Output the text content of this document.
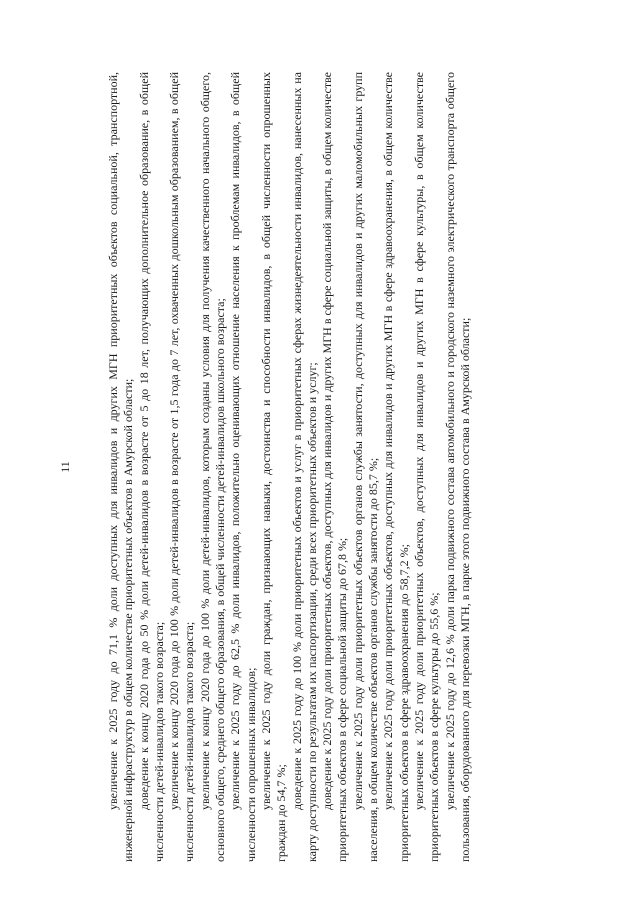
11	увеличение к 2025 году до 71,1 % доли доступных для инвалидов и других МГН приоритетных объектов социальной, транспортной, инженерной инфраструктур в общем количестве приоритетных объектов в Амурской области; доведение к концу 2020 года до 50 % доли детей-инвалидов в возрасте от 5 до 18 лет, получающих дополнительное образование, в общей численности детей-инвалидов такого возраста; увеличение к концу 2020 года до 100 % доли детей-инвалидов в возрасте от 1,5 года до 7 лет, охваченных дошкольным образованием, в общей численности детей-инвалидов такого возраста; увеличение к концу 2020 года до 100 % доли детей-инвалидов, которым созданы условия для получения качественного начального общего, основного общего, среднего общего образования, в общей численности детей-инвалидов школьного возраста; увеличение к 2025 году до 62,5 % доли инвалидов, положительно оценивающих отношение населения к проблемам инвалидов, в общей численности опрошенных инвалидов; увеличение к 2025 году доли граждан, признающих навыки, достоинства и способности инвалидов, в общей численности опрошенных граждан до 54,7 %;

доведение к 2025 году до 100 % доли приоритетных объектов и услуг в приоритетных сферах жизнедеятельности инвалидов, нанесенных на карту доступности по результатам их паспортизации, среди всех приоритетных объектов и услуг; доведение к 2025 году доли приоритетных объектов, доступных для инвалидов и других МГН в сфере социальной защиты, в общем количестве приоритетных объектов в сфере социальной защиты до 67,8 %; увеличение к 2025 году доли приоритетных объектов органов службы занятости, доступных для инвалидов и других маломобильных групп населения, в общем количестве объектов органов службы занятости до 85,7 %; увеличение к 2025 году доли приоритетных объектов, доступных для инвалидов и других МГН в сфере здравоохранения, в общем количестве приоритетных объектов в сфере здравоохранения до 58,7,2 %; увеличение к 2025 году доли приоритетных объектов, доступных для инвалидов и других МГН в сфере культуры, в общем количестве приоритетных объектов в сфере культуры до 55,6 %; увеличение к 2025 году до 12,6 % доли парка подвижного состава автомобильного и городского наземного электрического транспорта общего пользования, оборудованного для перевозки МГН, в парке этого подвижного состава в Амурской области;
